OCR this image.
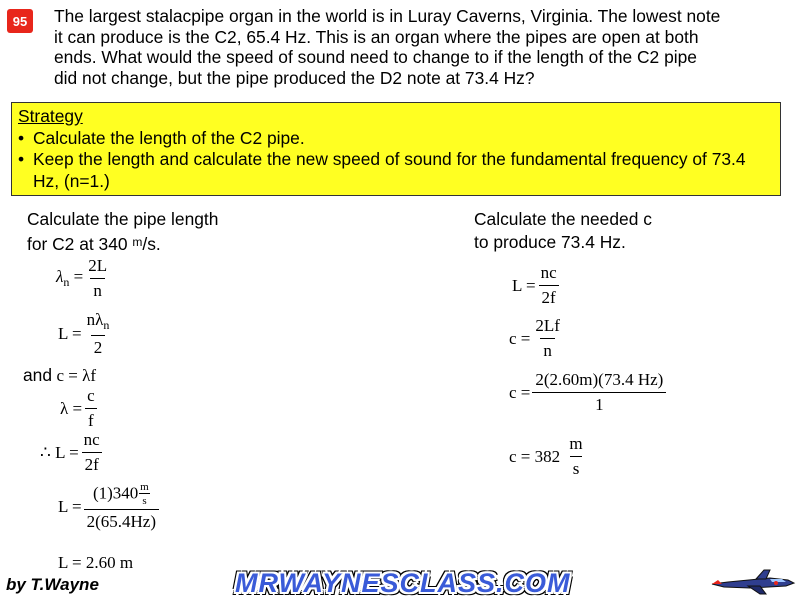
95	The largest stalacpipe organ in the world is in Luray Caverns, Virginia. The lowest note
it can produce is the C2, 65.4 Hz. This is an organ where the pipes are open at both
ends. What would the speed of sound need to change to if the length of the C2 pipe
did not change, but the pipe produced the D2 note at 73.4 Hz?
Strategy
• Calculate the length of the C2 pipe.
• Keep the length and calculate the new speed of sound for the fundamental frequency of 73.4 Hz, (n=1.)
Calculate the pipe length
for C2 at 340 $^m$/s.
$\lambda_n = \frac{2L}{n}$
$L = \frac{n\lambda_n}{2}$
and
c = λf
$\lambda = \frac{c}{f}$
∴ $L = \frac{nc}{2f}$
$L = \frac{(1)340 \frac{m}{s}}{2(65.4Hz)}$
L = 2.60 m
Calculate the needed c
to produce 73.4 Hz.
$L = \frac{nc}{2f}$
$c = \frac{2Lf}{n}$
$c = \frac{2(2.60m)(73.4 Hz)}{1}$
c = 382
$\frac{m}{s}$
by T.Wayne	MRWAYNESCLASS.COM
